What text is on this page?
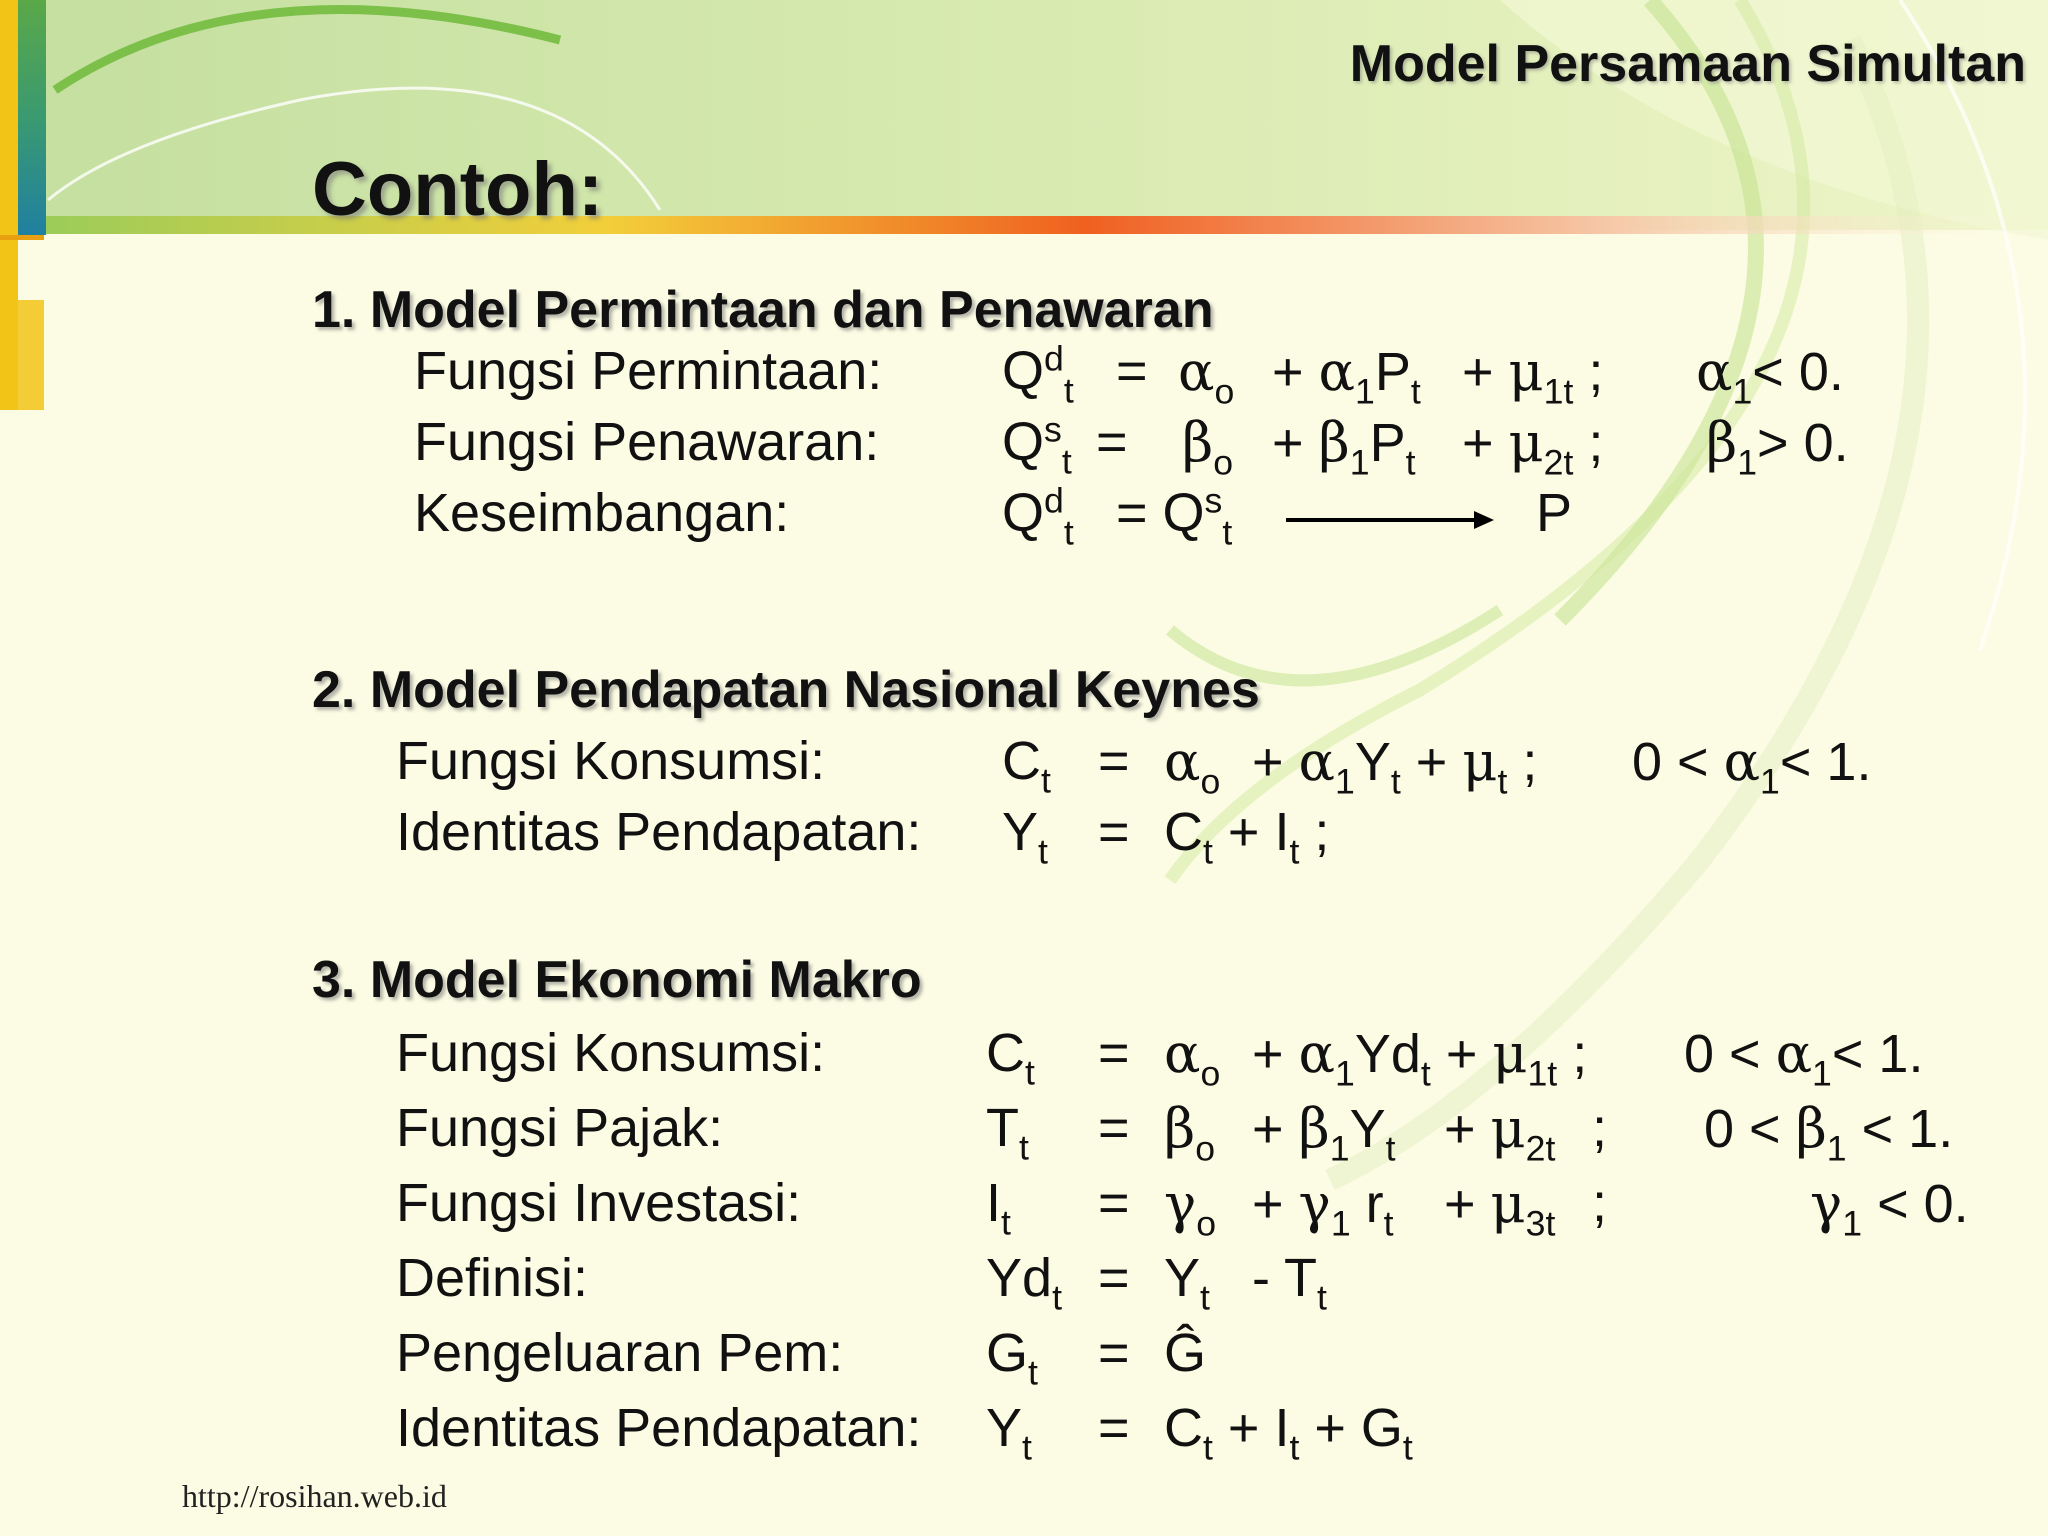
Model Persamaan Simultan
Contoh:
1. Model Permintaan dan Penawaran
Fungsi Permintaan: $Q^d_t = \alpha_o + \alpha_1P_t + \mu_{1t}$ ; $\alpha_1< 0$.
Fungsi Penawaran: $Q^s_t = \beta_o + \beta_1P_t + \mu_{2t}$ ; $\beta_1> 0$.
Keseimbangan:	$Q^d_t = Q^s_t$	P
2. Model Pendapatan Nasional Keynes
Fungsi Konsumsi:	$C_t = \alpha_o + \alpha_1Y_t + \mu_t$ ; $0 < \alpha_1< 1$.
Identitas Pendapatan: $Y_t = C_t + I_t$ ;
3. Model Ekonomi Makro
Fungsi Konsumsi:	$C_t = \alpha_o + \alpha_1Yd_t + \mu_{1t}$ ; $0 < \alpha_1< 1$.
Fungsi Pajak:	$T_t = \beta_o + \beta_1Y_t + \mu_{2t}$ ; $0 < \beta_1 < 1$.
Fungsi Investasi:	$I_t = \gamma_o + \gamma_1$ $r_t + \mu_{3t}$ ;	$\gamma_1 < 0$.
Definisi:	$Yd_t = Y_t - T_t$
Pengeluaran Pem:	$G_t$ = Ĝ
Identitas Pendapatan: $Y_t = C_t + I_t + G_t$
http://rosihan.web.id
